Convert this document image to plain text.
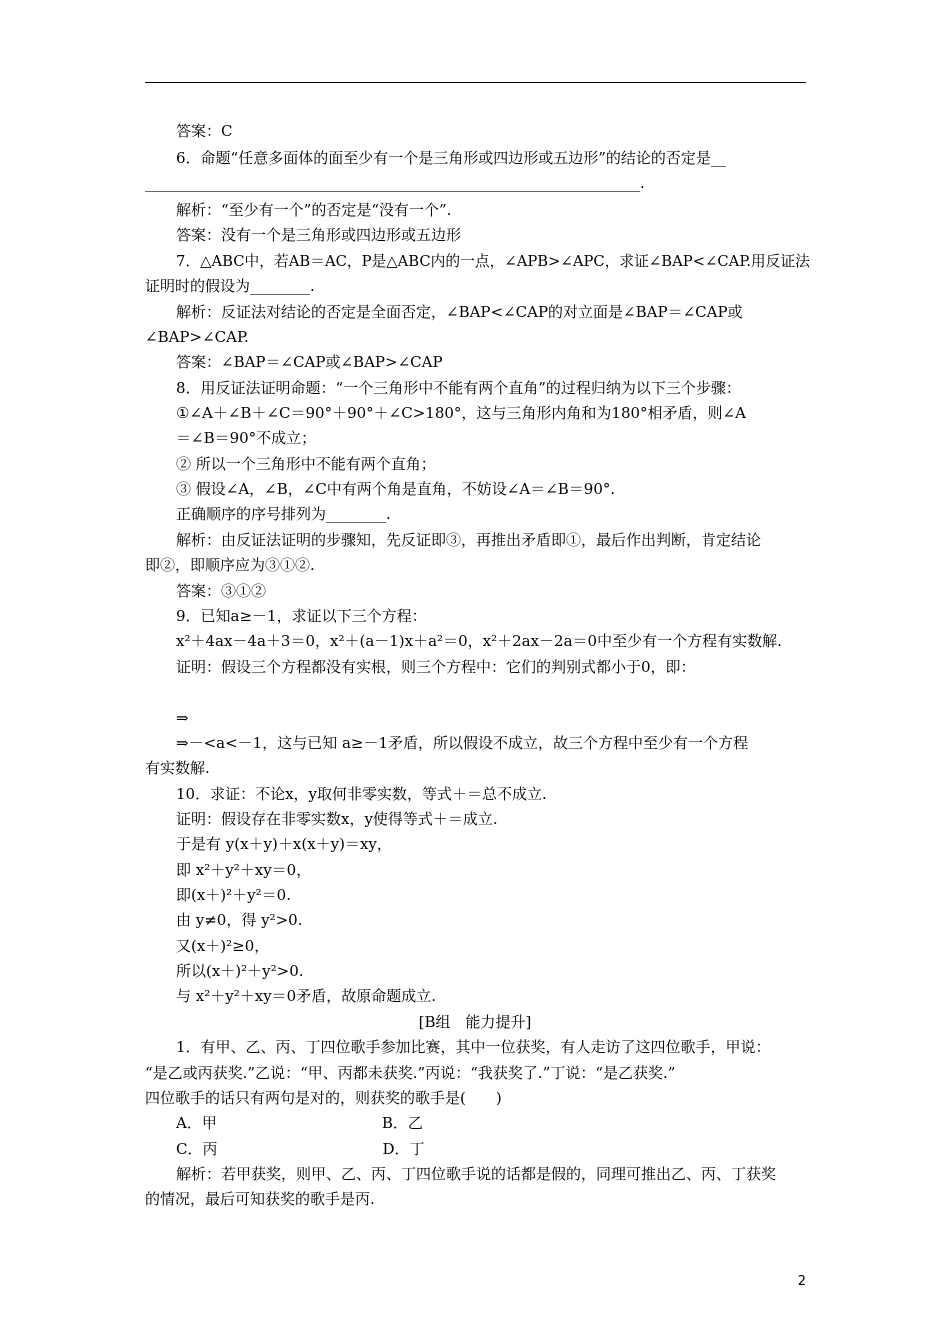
答案：C
6．命题“任意多面体的面至少有一个是三角形或四边形或五边形”的结论的否定是__
__________________________________________________________________.
解析：“至少有一个”的否定是“没有一个”.
答案：没有一个是三角形或四边形或五边形
7．△ABC中，若AB＝AC，P是△ABC内的一点，∠APB>∠APC，求证∠BAP<∠CAP.用反证法
证明时的假设为________.
解析：反证法对结论的否定是全面否定，∠BAP<∠CAP的对立面是∠BAP＝∠CAP或
∠BAP>∠CAP.
答案：∠BAP＝∠CAP或∠BAP>∠CAP
8．用反证法证明命题：“一个三角形中不能有两个直角”的过程归纳为以下三个步骤：
①∠A＋∠B＋∠C＝90°＋90°＋∠C>180°，这与三角形内角和为180°相矛盾，则∠A
＝∠B＝90°不成立；
② 所以一个三角形中不能有两个直角；
③ 假设∠A，∠B，∠C中有两个角是直角，不妨设∠A＝∠B＝90°.
正确顺序的序号排列为________.
解析：由反证法证明的步骤知，先反证即③，再推出矛盾即①，最后作出判断，肯定结论
即②，即顺序应为③①②.
答案：③①②
9．已知a≥－1，求证以下三个方程：
x²＋4ax－4a＋3＝0，x²＋(a－1)x＋a²＝0，x²＋2ax－2a＝0中至少有一个方程有实数解.
证明：假设三个方程都没有实根，则三个方程中：它们的判别式都小于0，即：
⇒
⇒－<a<－1，这与已知 a≥－1矛盾，所以假设不成立，故三个方程中至少有一个方程
有实数解.
10．求证：不论x，y取何非零实数，等式＋＝总不成立.
证明：假设存在非零实数x，y使得等式＋＝成立.
于是有 y(x＋y)＋x(x＋y)＝xy，
即 x²＋y²＋xy＝0，
即(x＋)²＋y²＝0.
由 y≠0，得 y²>0.
又(x＋)²≥0，
所以(x＋)²＋y²>0.
与 x²＋y²＋xy＝0矛盾，故原命题成立.
[B组　能力提升]
1．有甲、乙、丙、丁四位歌手参加比赛，其中一位获奖，有人走访了这四位歌手，甲说：
“是乙或丙获奖.”乙说：“甲、丙都未获奖.”丙说：“我获奖了.”丁说：“是乙获奖.”
四位歌手的话只有两句是对的，则获奖的歌手是(　　)
A．甲　　　　　　　　　　　B．乙
C．丙　　　　　　　　　　　D．丁
解析：若甲获奖，则甲、乙、丙、丁四位歌手说的话都是假的，同理可推出乙、丙、丁获奖
的情况，最后可知获奖的歌手是丙.
2
